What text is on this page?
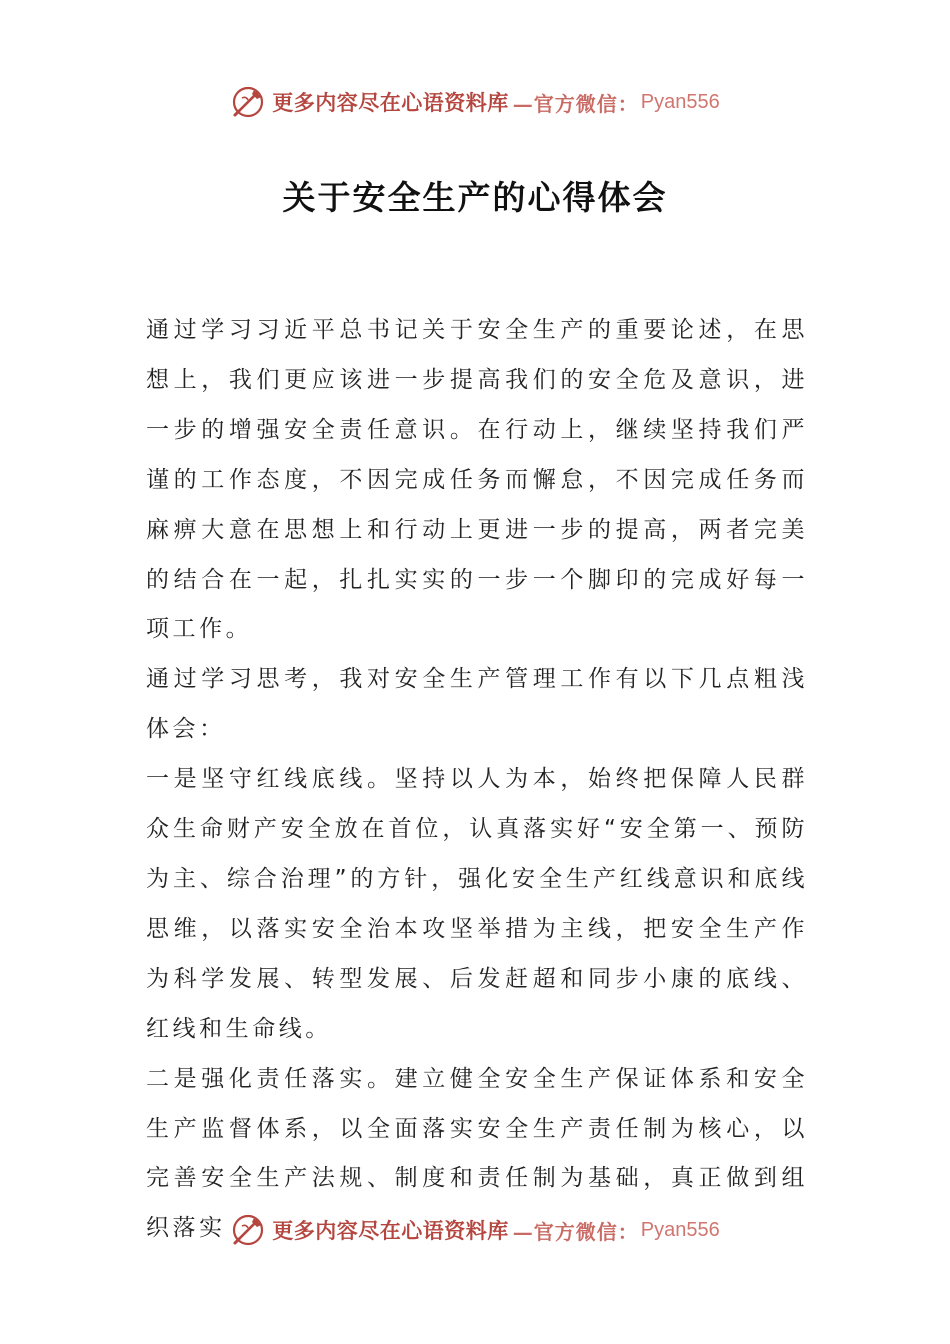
更多内容尽在心语资料库 —官方微信： Pyan556
关于安全生产的心得体会

通过学习习近平总书记关于安全生产的重要论述，在思想上，我们更应该进一步提高我们的安全危及意识，进一步的增强安全责任意识。在行动上，继续坚持我们严谨的工作态度，不因完成任务而懈怠，不因完成任务而麻痹大意在思想上和行动上更进一步的提高，两者完美的结合在一起，扎扎实实的一步一个脚印的完成好每一项工作。

通过学习思考，我对安全生产管理工作有以下几点粗浅体会：

一是坚守红线底线。坚持以人为本，始终把保障人民群众生命财产安全放在首位，认真落实好“安全第一、预防为主、综合治理”的方针，强化安全生产红线意识和底线思维，以落实安全治本攻坚举措为主线，把安全生产作为科学发展、转型发展、后发赶超和同步小康的底线、红线和生命线。

二是强化责任落实。建立健全安全生产保证体系和安全生产监督体系，以全面落实安全生产责任制为核心，以完善安全生产法规、制度和责任制为基础，真正做到组织落实	更多内容尽在心语资料库 —官方微信： Pyan556
